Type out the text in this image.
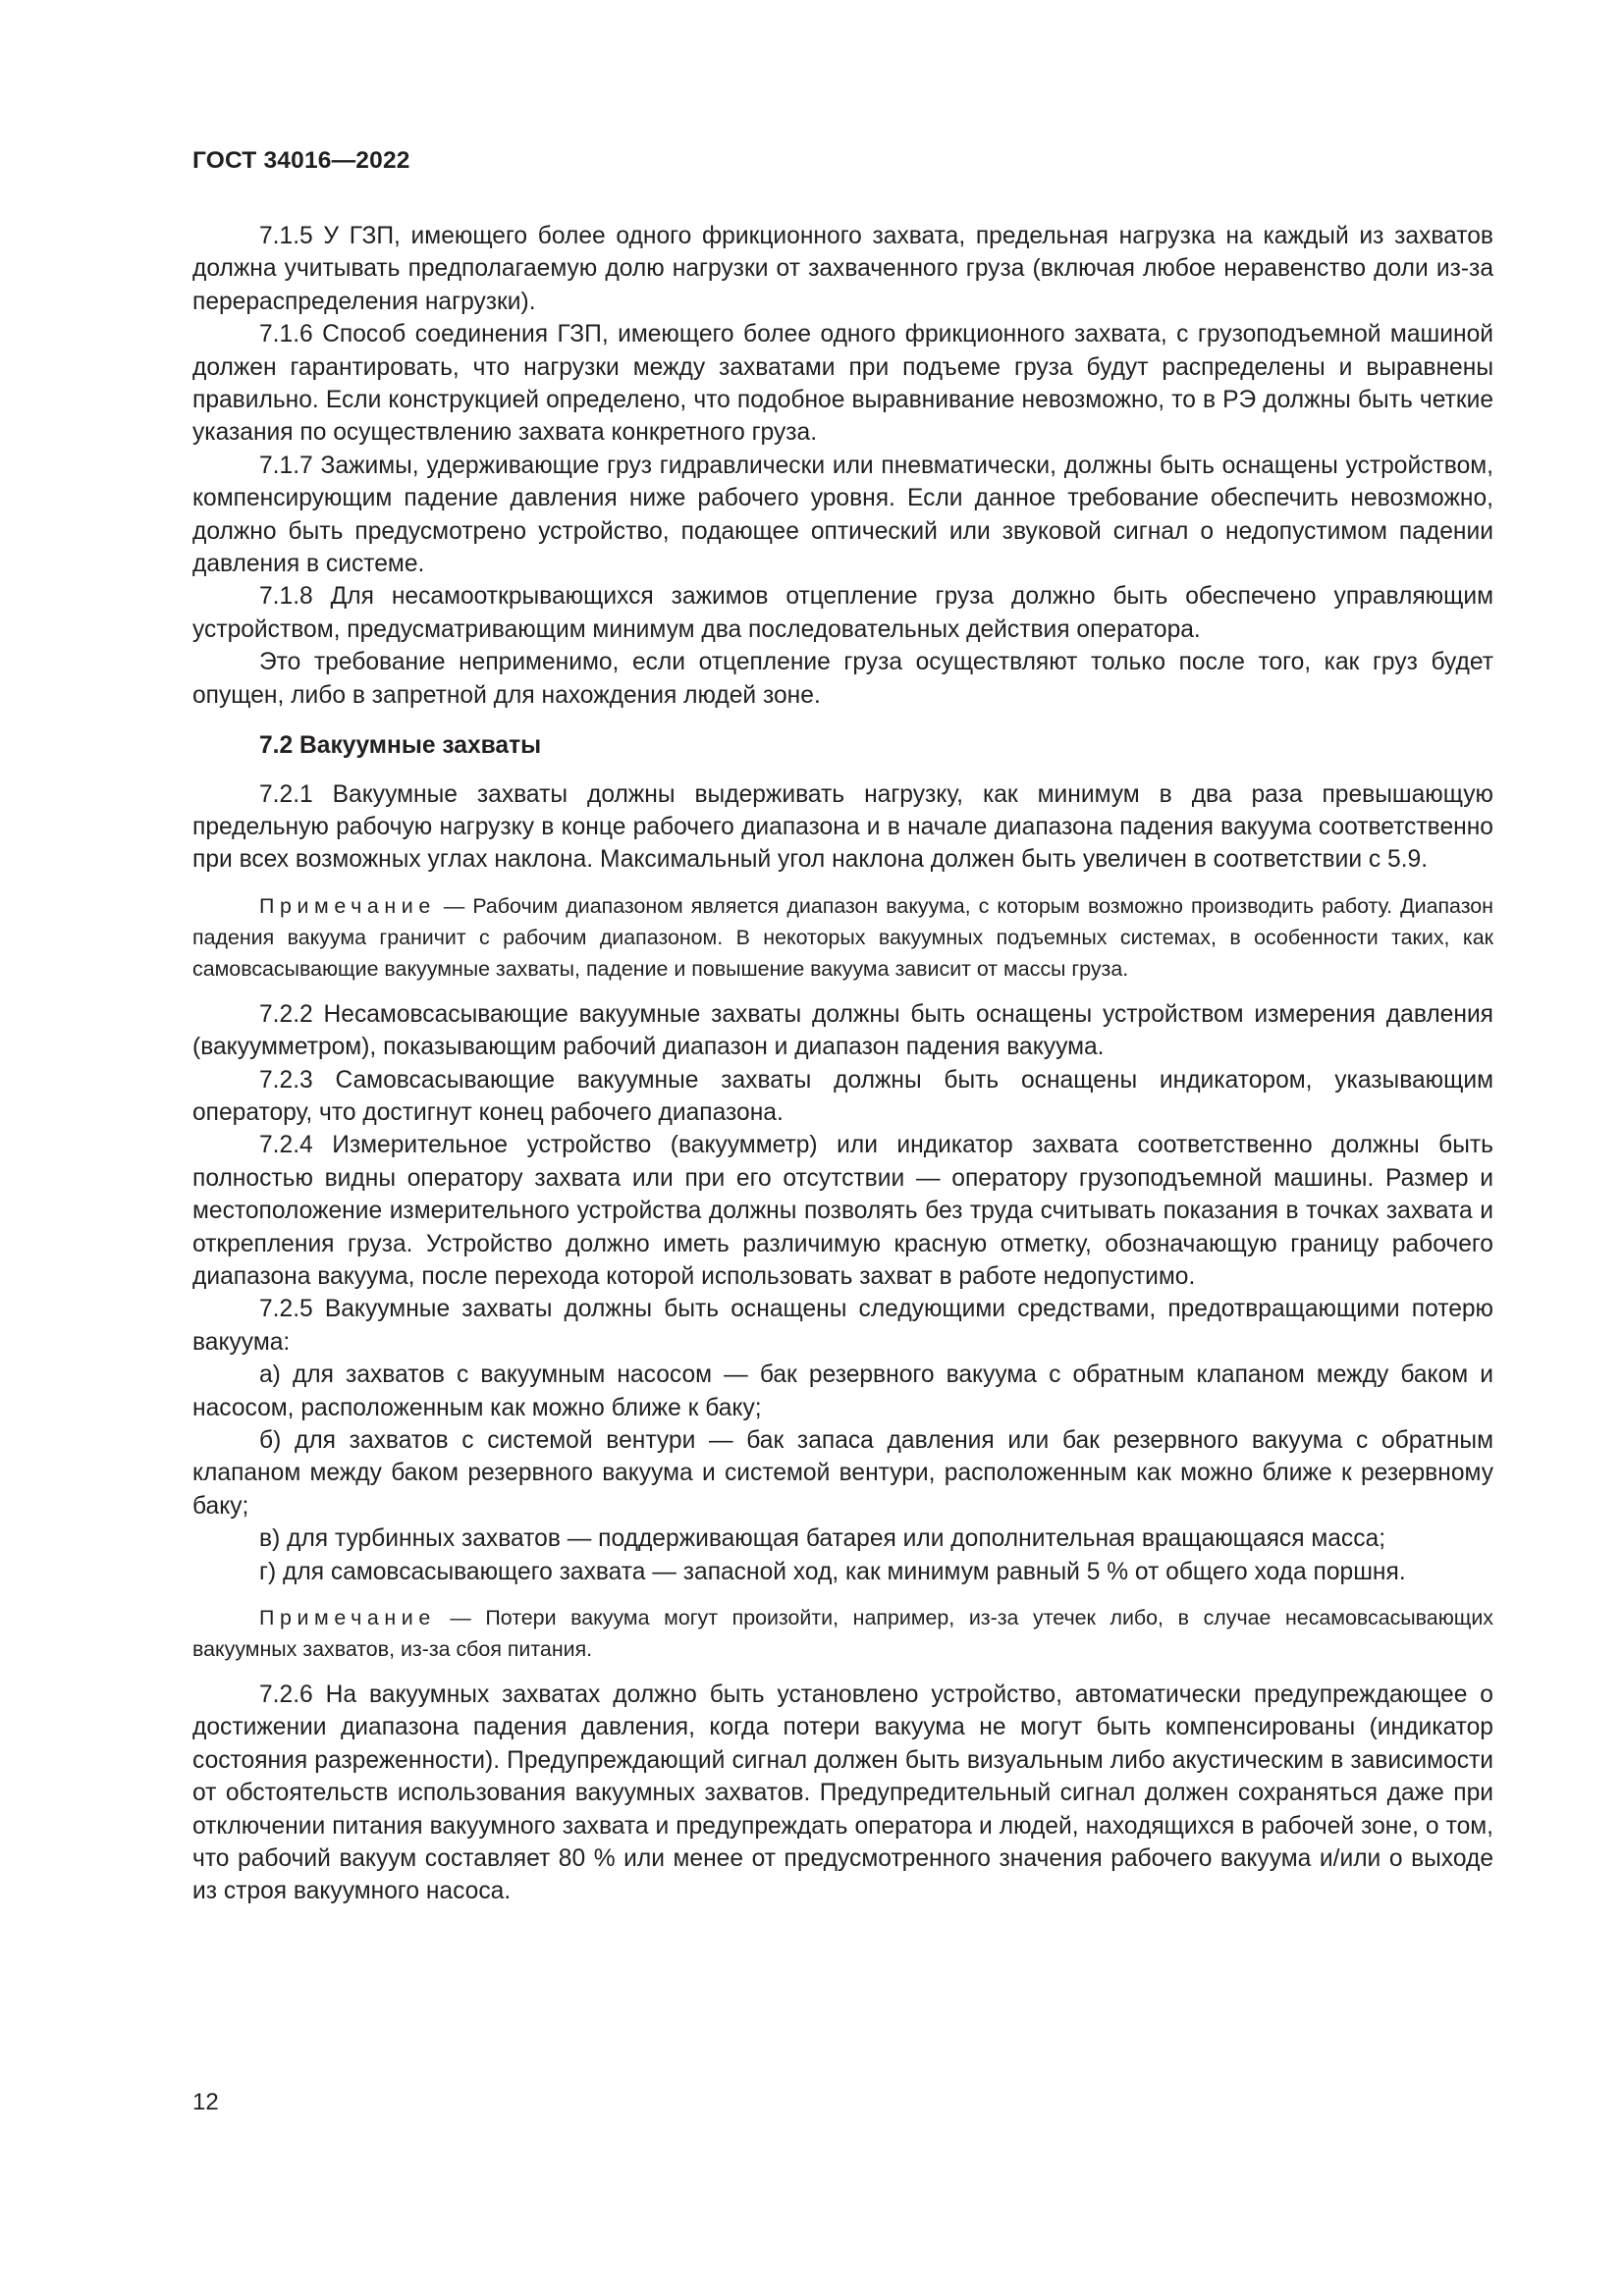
ГОСТ 34016—2022

7.1.5 У ГЗП, имеющего более одного фрикционного захвата, предельная нагрузка на каждый из захватов должна учитывать предполагаемую долю нагрузки от захваченного груза (включая любое неравенство доли из-за перераспределения нагрузки).

7.1.6 Способ соединения ГЗП, имеющего более одного фрикционного захвата, с грузоподъемной машиной должен гарантировать, что нагрузки между захватами при подъеме груза будут распределены и выравнены правильно. Если конструкцией определено, что подобное выравнивание невозможно, то в РЭ должны быть четкие указания по осуществлению захвата конкретного груза.

7.1.7 Зажимы, удерживающие груз гидравлически или пневматически, должны быть оснащены устройством, компенсирующим падение давления ниже рабочего уровня. Если данное требование обеспечить невозможно, должно быть предусмотрено устройство, подающее оптический или звуковой сигнал о недопустимом падении давления в системе.

7.1.8 Для несамооткрывающихся зажимов отцепление груза должно быть обеспечено управляющим устройством, предусматривающим минимум два последовательных действия оператора.

Это требование неприменимо, если отцепление груза осуществляют только после того, как груз будет опущен, либо в запретной для нахождения людей зоне.

7.2 Вакуумные захваты

7.2.1 Вакуумные захваты должны выдерживать нагрузку, как минимум в два раза превышающую предельную рабочую нагрузку в конце рабочего диапазона и в начале диапазона падения вакуума соответственно при всех возможных углах наклона. Максимальный угол наклона должен быть увеличен в соответствии с 5.9.

Примечание — Рабочим диапазоном является диапазон вакуума, с которым возможно производить работу. Диапазон падения вакуума граничит с рабочим диапазоном. В некоторых вакуумных подъемных системах, в особенности таких, как самовсасывающие вакуумные захваты, падение и повышение вакуума зависит от массы груза.

7.2.2 Несамовсасывающие вакуумные захваты должны быть оснащены устройством измерения давления (вакуумметром), показывающим рабочий диапазон и диапазон падения вакуума.

7.2.3 Самовсасывающие вакуумные захваты должны быть оснащены индикатором, указывающим оператору, что достигнут конец рабочего диапазона.

7.2.4 Измерительное устройство (вакуумметр) или индикатор захвата соответственно должны быть полностью видны оператору захвата или при его отсутствии — оператору грузоподъемной машины. Размер и местоположение измерительного устройства должны позволять без труда считывать показания в точках захвата и открепления груза. Устройство должно иметь различимую красную отметку, обозначающую границу рабочего диапазона вакуума, после перехода которой использовать захват в работе недопустимо.

7.2.5 Вакуумные захваты должны быть оснащены следующими средствами, предотвращающими потерю вакуума:

а) для захватов с вакуумным насосом — бак резервного вакуума с обратным клапаном между баком и насосом, расположенным как можно ближе к баку;

б) для захватов с системой вентури — бак запаса давления или бак резервного вакуума с обратным клапаном между баком резервного вакуума и системой вентури, расположенным как можно ближе к резервному баку;

в) для турбинных захватов — поддерживающая батарея или дополнительная вращающаяся масса;

г) для самовсасывающего захвата — запасной ход, как минимум равный 5 % от общего хода поршня.

Примечание — Потери вакуума могут произойти, например, из-за утечек либо, в случае несамовсасывающих вакуумных захватов, из-за сбоя питания.

7.2.6 На вакуумных захватах должно быть установлено устройство, автоматически предупреждающее о достижении диапазона падения давления, когда потери вакуума не могут быть компенсированы (индикатор состояния разреженности). Предупреждающий сигнал должен быть визуальным либо акустическим в зависимости от обстоятельств использования вакуумных захватов. Предупредительный сигнал должен сохраняться даже при отключении питания вакуумного захвата и предупреждать оператора и людей, находящихся в рабочей зоне, о том, что рабочий вакуум составляет 80 % или менее от предусмотренного значения рабочего вакуума и/или о выходе из строя вакуумного насоса.

12
